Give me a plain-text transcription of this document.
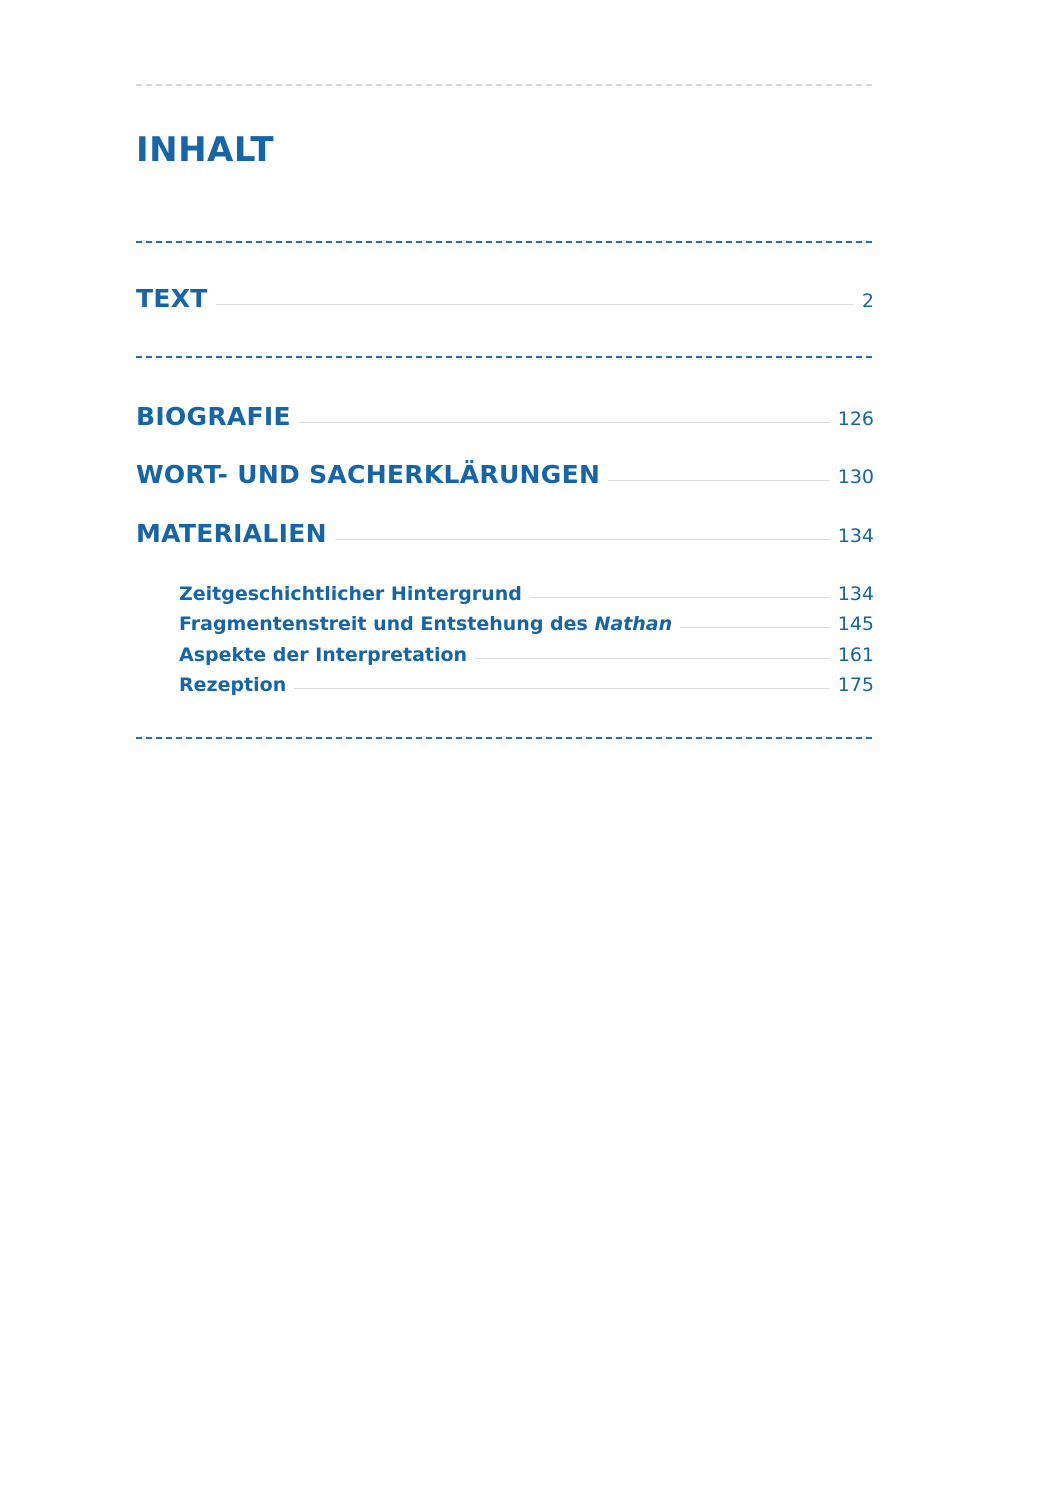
INHALT
TEXT	2
BIOGRAFIE	126
WORT- UND SACHERKLÄRUNGEN	130
MATERIALIEN	134
Zeitgeschichtlicher Hintergrund	134
Fragmentenstreit und Entstehung des Nathan	145
Aspekte der Interpretation	161
Rezeption	175
